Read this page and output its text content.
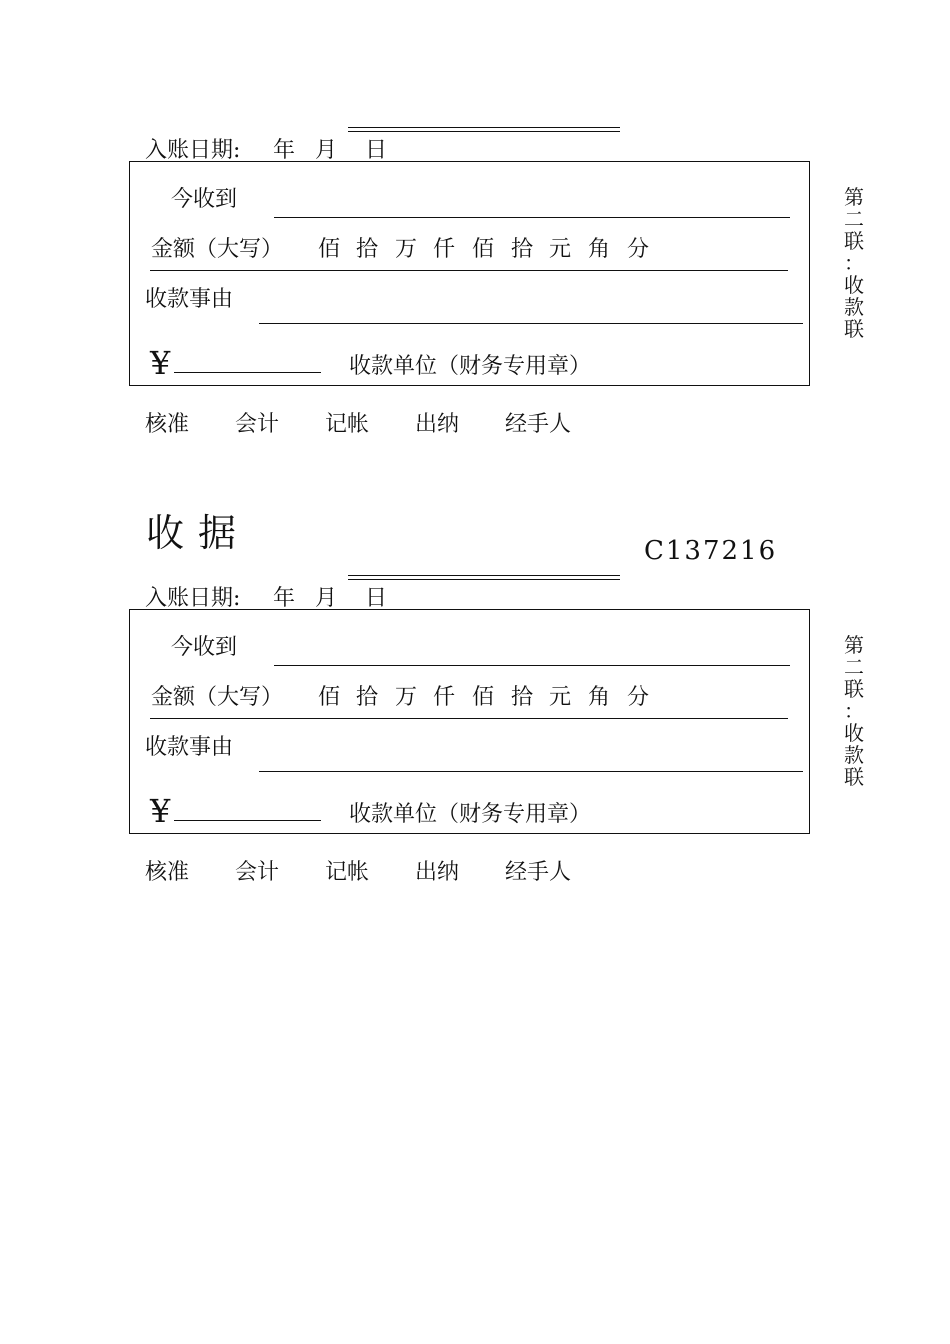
入账日期: 年 月 日
今收到
金额（大写） 佰 拾 万 仟 佰 拾 元 角 分
收款事由
¥	收款单位（财务专用章）
第
二
联
：
收
款
联
核准 会计 记帐 出纳 经手人
收据	C137216
入账日期: 年 月 日
今收到
金额（大写） 佰 拾 万 仟 佰 拾 元 角 分
收款事由
¥	收款单位（财务专用章）
第
二
联
：
收
款
联
核准 会计 记帐 出纳 经手人
